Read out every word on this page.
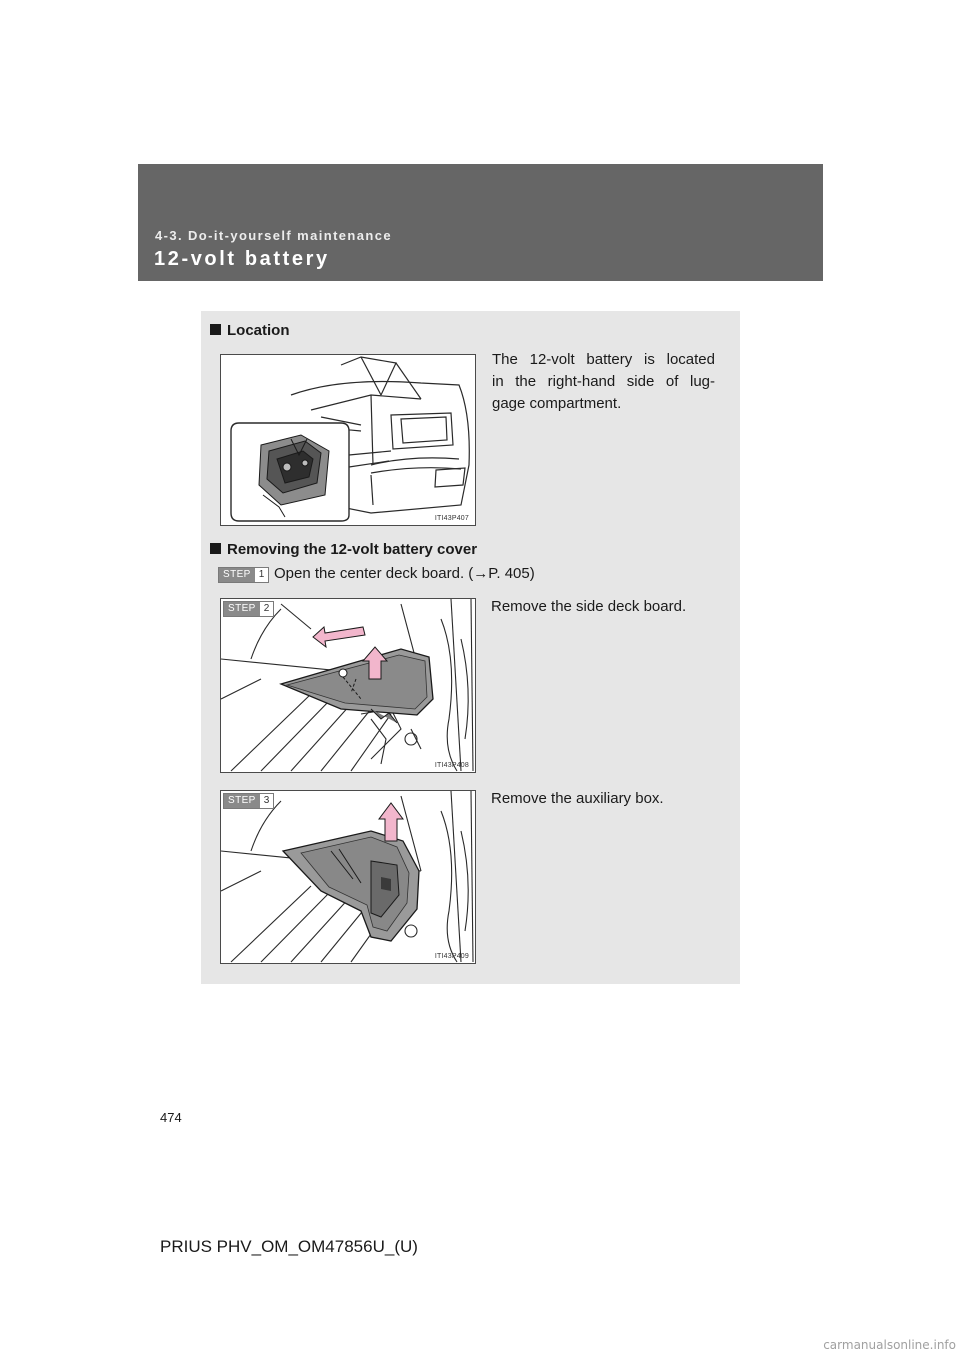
4-3. Do-it-yourself maintenance
12-volt battery
Location
ITI43P407
The 12-volt battery is located
in the right-hand side of lug-
gage compartment.
Removing the 12-volt battery cover
STEP 1 Open the center deck board. (→P. 405)
STEP 2
ITI43P408
Remove the side deck board.
STEP 3
ITI43P409
Remove the auxiliary box.
474
PRIUS PHV_OM_OM47856U_(U)
carmanualsonline.info
